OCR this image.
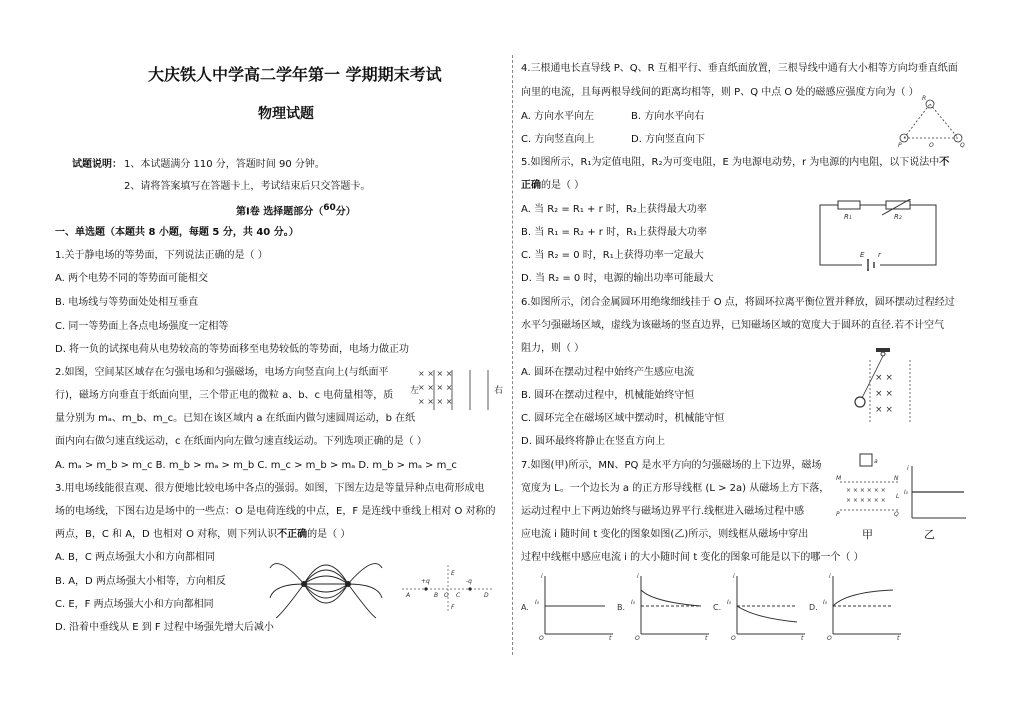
大庆铁人中学高二学年第一 学期期末考试
物理试题
试题说明： 1、本试题满分 110 分，答题时间 90 分钟。
2、请将答案填写在答题卡上，考试结束后只交答题卡。
第Ⅰ卷 选择题部分（$^{60}$分）
一、单选题（本题共 8 小题，每题 5 分，共 40 分。）
1.关于静电场的等势面，下列说法正确的是（ ）
A. 两个电势不同的等势面可能相交
B. 电场线与等势面处处相互垂直
C. 同一等势面上各点电场强度一定相等
D. 将一负的试探电荷从电势较高的等势面移至电势较低的等势面，电场力做正功
2.如图，空间某区域存在匀强电场和匀强磁场，电场方向竖直向上(与纸面平
行)，磁场方向垂直于纸面向里，三个带正电的微粒 a、b、c 电荷量相等，质
量分别为 mₐ、m_b、m_c。已知在该区域内 a 在纸面内做匀速圆周运动，b 在纸
面内向右做匀速直线运动，c 在纸面内向左做匀速直线运动。下列选项正确的是（ ）
A. mₐ > m_b > m_c B. m_b > mₐ > m_b C. m_c > m_b > mₐ D. m_b > mₐ > m_c
× × × ×
× × × ×
× × × ×
左	右
3.用电场线能很直观、很方便地比较电场中各点的强弱。如图，下图左边是等量异种点电荷形成电
场的电场线，下图右边是场中的一些点：O 是电荷连线的中点，E，F 是连线中垂线上相对 O 对称的
两点，B，C 和 A，D 也相对 O 对称，则下列认识不正确的是（ ）
A. B，C 两点场强大小和方向都相同
B. A，D 两点场强大小相等，方向相反
C. E，F 两点场强大小和方向都相同
D. 沿着中垂线从 E 到 F 过程中场强先增大后减小
A	B O C	D
E
F
+q	-q
4.三根通电长直导线 P、Q、R 互相平行、垂直纸面放置，三根导线中通有大小相等方向均垂直纸面
向里的电流，且每两根导线间的距离均相等，则 P、Q 中点 O 处的磁感应强度方向为（ ）
A. 方向水平向左	B. 方向水平向右
C. 方向竖直向上	D. 方向竖直向下
R
P	O	Q
5.如图所示，R₁为定值电阻，R₂为可变电阻，E 为电源电动势，r 为电源的内电阻，以下说法中不
正确的是（ ）
A. 当 R₂ = R₁ + r 时，R₂上获得最大功率
B. 当 R₁ = R₂ + r 时，R₁上获得最大功率
C. 当 R₂ = 0 时，R₁上获得功率一定最大
D. 当 R₂ = 0 时，电源的输出功率可能最大
R₁	R₂
E r
6.如图所示，闭合金属圆环用绝缘细线挂于 O 点，将圆环拉离平衡位置并释放，圆环摆动过程经过
水平匀强磁场区域，虚线为该磁场的竖直边界，已知磁场区域的宽度大于圆环的直径.若不计空气
阻力，则（ ）
A. 圆环在摆动过程中始终产生感应电流
B. 圆环在摆动过程中，机械能始终守恒
C. 圆环完全在磁场区域中摆动时，机械能守恒
D. 圆环最终将静止在竖直方向上
× ×
× ×
× ×
7.如图(甲)所示，MN、PQ 是水平方向的匀强磁场的上下边界，磁场
宽度为 L。一个边长为 a 的正方形导线框 (L > 2a) 从磁场上方下落，
运动过程中上下两边始终与磁场边界平行.线框进入磁场过程中感
应电流 i 随时间 t 变化的图象如图(乙)所示，则线框从磁场中穿出
过程中线框中感应电流 i 的大小随时间 t 变化的图象可能是以下的哪一个（ ）
× × × × × ×
× × × × × ×
M	N
L
P	Q
a
甲
i
I₀
乙
A.	B.	C.	D.
i	i	i	i
I₀	I₀	I₀	I₀
O	O	O	O
t	t	t	t
